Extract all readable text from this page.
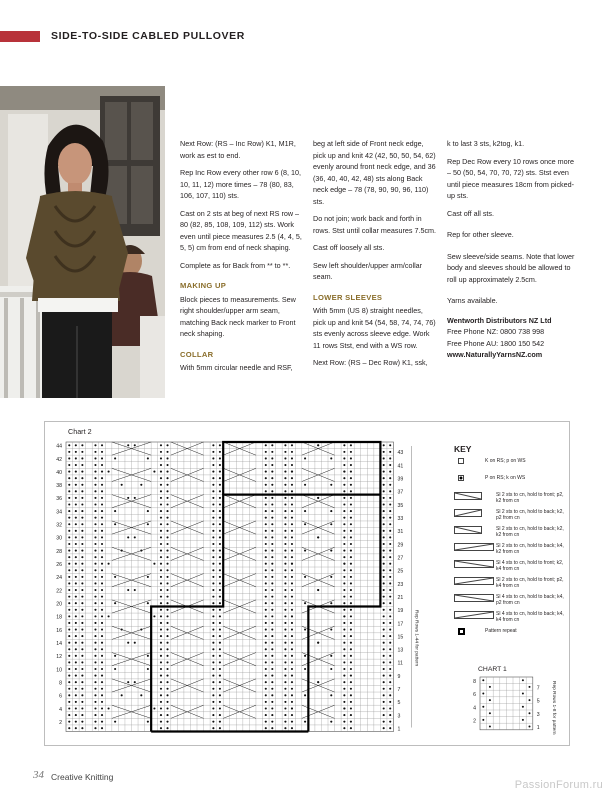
SIDE-TO-SIDE CABLED PULLOVER

Next Row: (RS – Inc Row) K1, M1R, work as est to end.

Rep Inc Row every other row 6 (8, 10, 10, 11, 12) more times – 78 (80, 83, 106, 107, 110) sts.

Cast on 2 sts at beg of next RS row – 80 (82, 85, 108, 109, 112) sts. Work even until piece measures 2.5 (4, 4, 5, 5, 5) cm from end of neck shaping.

Complete as for Back from ** to **.

MAKING UP

Block pieces to measurements. Sew right shoulder/upper arm seam, matching Back neck marker to Front neck shaping.

COLLAR

With 5mm circular needle and RSF,

beg at left side of Front neck edge, pick up and knit 42 (42, 50, 50, 54, 62) evenly around front neck edge, and 36 (36, 40, 40, 42, 48) sts along Back neck edge – 78 (78, 90, 90, 96, 110) sts.

Do not join; work back and forth in rows. Stst until collar measures 7.5cm.

Cast off loosely all sts.

Sew left shoulder/upper arm/collar seam.

LOWER SLEEVES

With 5mm (US 8) straight needles, pick up and knit 54 (54, 58, 74, 74, 76) sts evenly across sleeve edge. Work 11 rows Stst, end with a WS row.

Next Row: (RS – Dec Row) K1, ssk,

k to last 3 sts, k2tog, k1.

Rep Dec Row every 10 rows once more – 50 (50, 54, 70, 70, 72) sts. Stst even until piece measures 18cm from picked-up sts.

Cast off all sts.

Rep for other sleeve.

Sew sleeve/side seams. Note that lower body and sleeves should be allowed to roll up approximately 2.5cm.

Yarns available.

Wentworth Distributors NZ Ltd
Free Phone NZ: 0800 738 998
Free Phone AU: 1800 150 542
www.NaturallyYarnsNZ.com
Chart 2
44
42
40
38
36
34
32
30
28
26
24
22
20
18
16
14
12
10
8
6
4
2
43
41
39
37
35
33
31
29
27
25
23
21
19
17
15
13
11
9
7
5
3
1
Rep Rows 1-44 for pattern
8
6
4
2
7
5
3
1 Rep Rows 1-8 for pattern
KEY
K on RS; p on WS
P on RS; k on WS
Sl 2 sts to cn, hold to front; p2, k2 from cn
Sl 2 sts to cn, hold to back; k2, p2 from cn
Sl 2 sts to cn, hold to back; k2, k2 from cn
Sl 2 sts to cn, hold to back; k4, k2 from cn
Sl 4 sts to cn, hold to front; k2, k4 from cn
Sl 2 sts to cn, hold to front; p2, k4 from cn
Sl 4 sts to cn, hold to back; k4, p2 from cn
Sl 4 sts to cn, hold to back; k4, k4 from cn
Pattern repeat
CHART 1
34 Creative Knitting
PassionForum.ru
